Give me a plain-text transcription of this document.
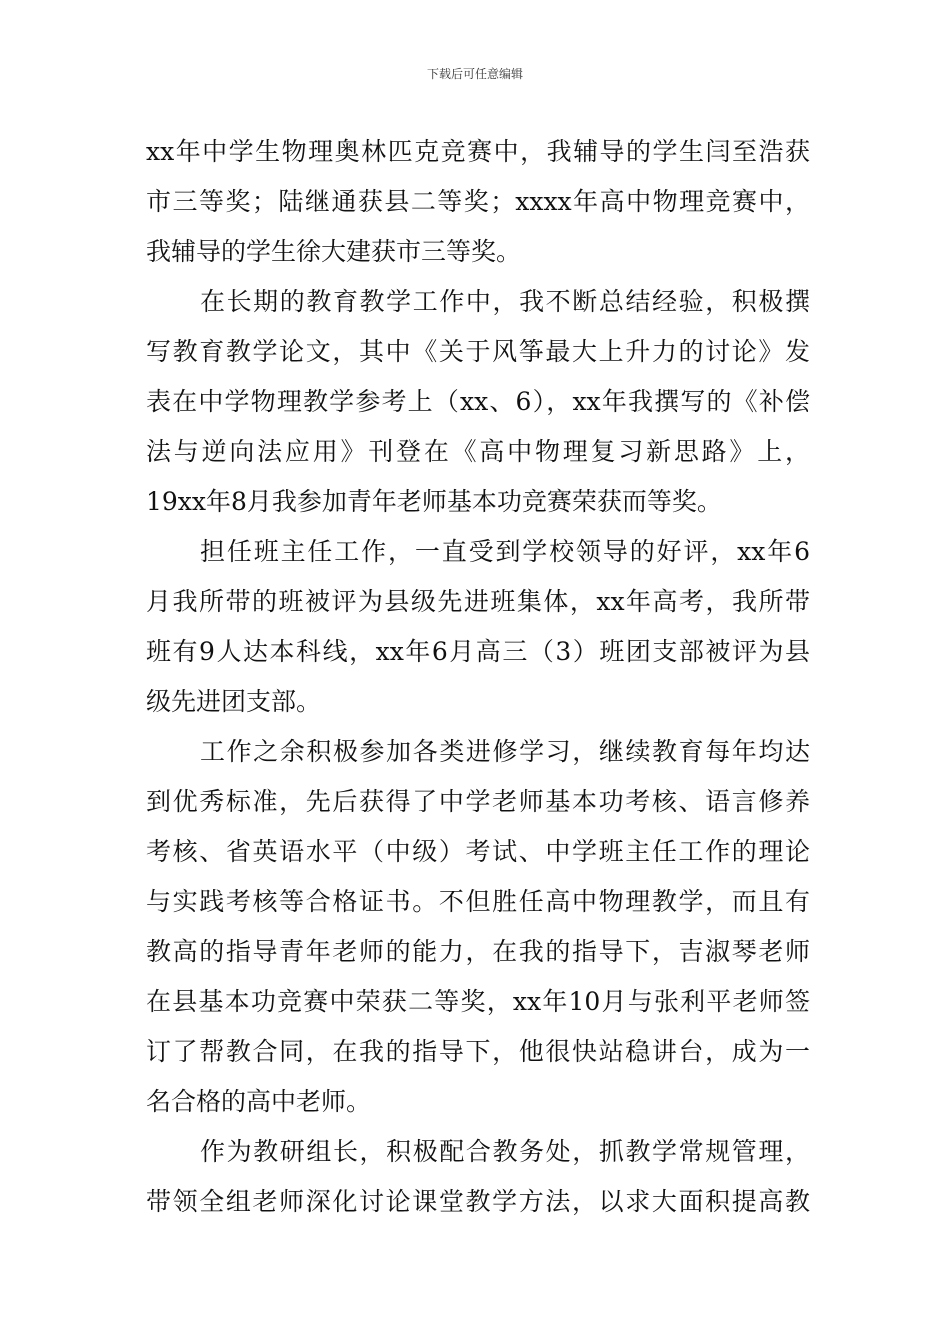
下载后可任意编辑
xx年中学生物理奥林匹克竞赛中，我辅导的学生闫至浩获
市三等奖；陆继通获县二等奖；xxxx年高中物理竞赛中，
我辅导的学生徐大建获市三等奖。
在长期的教育教学工作中，我不断总结经验，积极撰
写教育教学论文，其中《关于风筝最大上升力的讨论》发
表在中学物理教学参考上（xx、6），xx年我撰写的《补偿
法与逆向法应用》刊登在《高中物理复习新思路》上，
19xx年8月我参加青年老师基本功竞赛荣获而等奖。
担任班主任工作，一直受到学校领导的好评，xx年6
月我所带的班被评为县级先进班集体，xx年高考，我所带
班有9人达本科线，xx年6月高三（3）班团支部被评为县
级先进团支部。
工作之余积极参加各类进修学习，继续教育每年均达
到优秀标准，先后获得了中学老师基本功考核、语言修养
考核、省英语水平（中级）考试、中学班主任工作的理论
与实践考核等合格证书。不但胜任高中物理教学，而且有
教高的指导青年老师的能力，在我的指导下，吉淑琴老师
在县基本功竞赛中荣获二等奖，xx年10月与张利平老师签
订了帮教合同，在我的指导下，他很快站稳讲台，成为一
名合格的高中老师。
作为教研组长，积极配合教务处，抓教学常规管理，
带领全组老师深化讨论课堂教学方法，以求大面积提高教
